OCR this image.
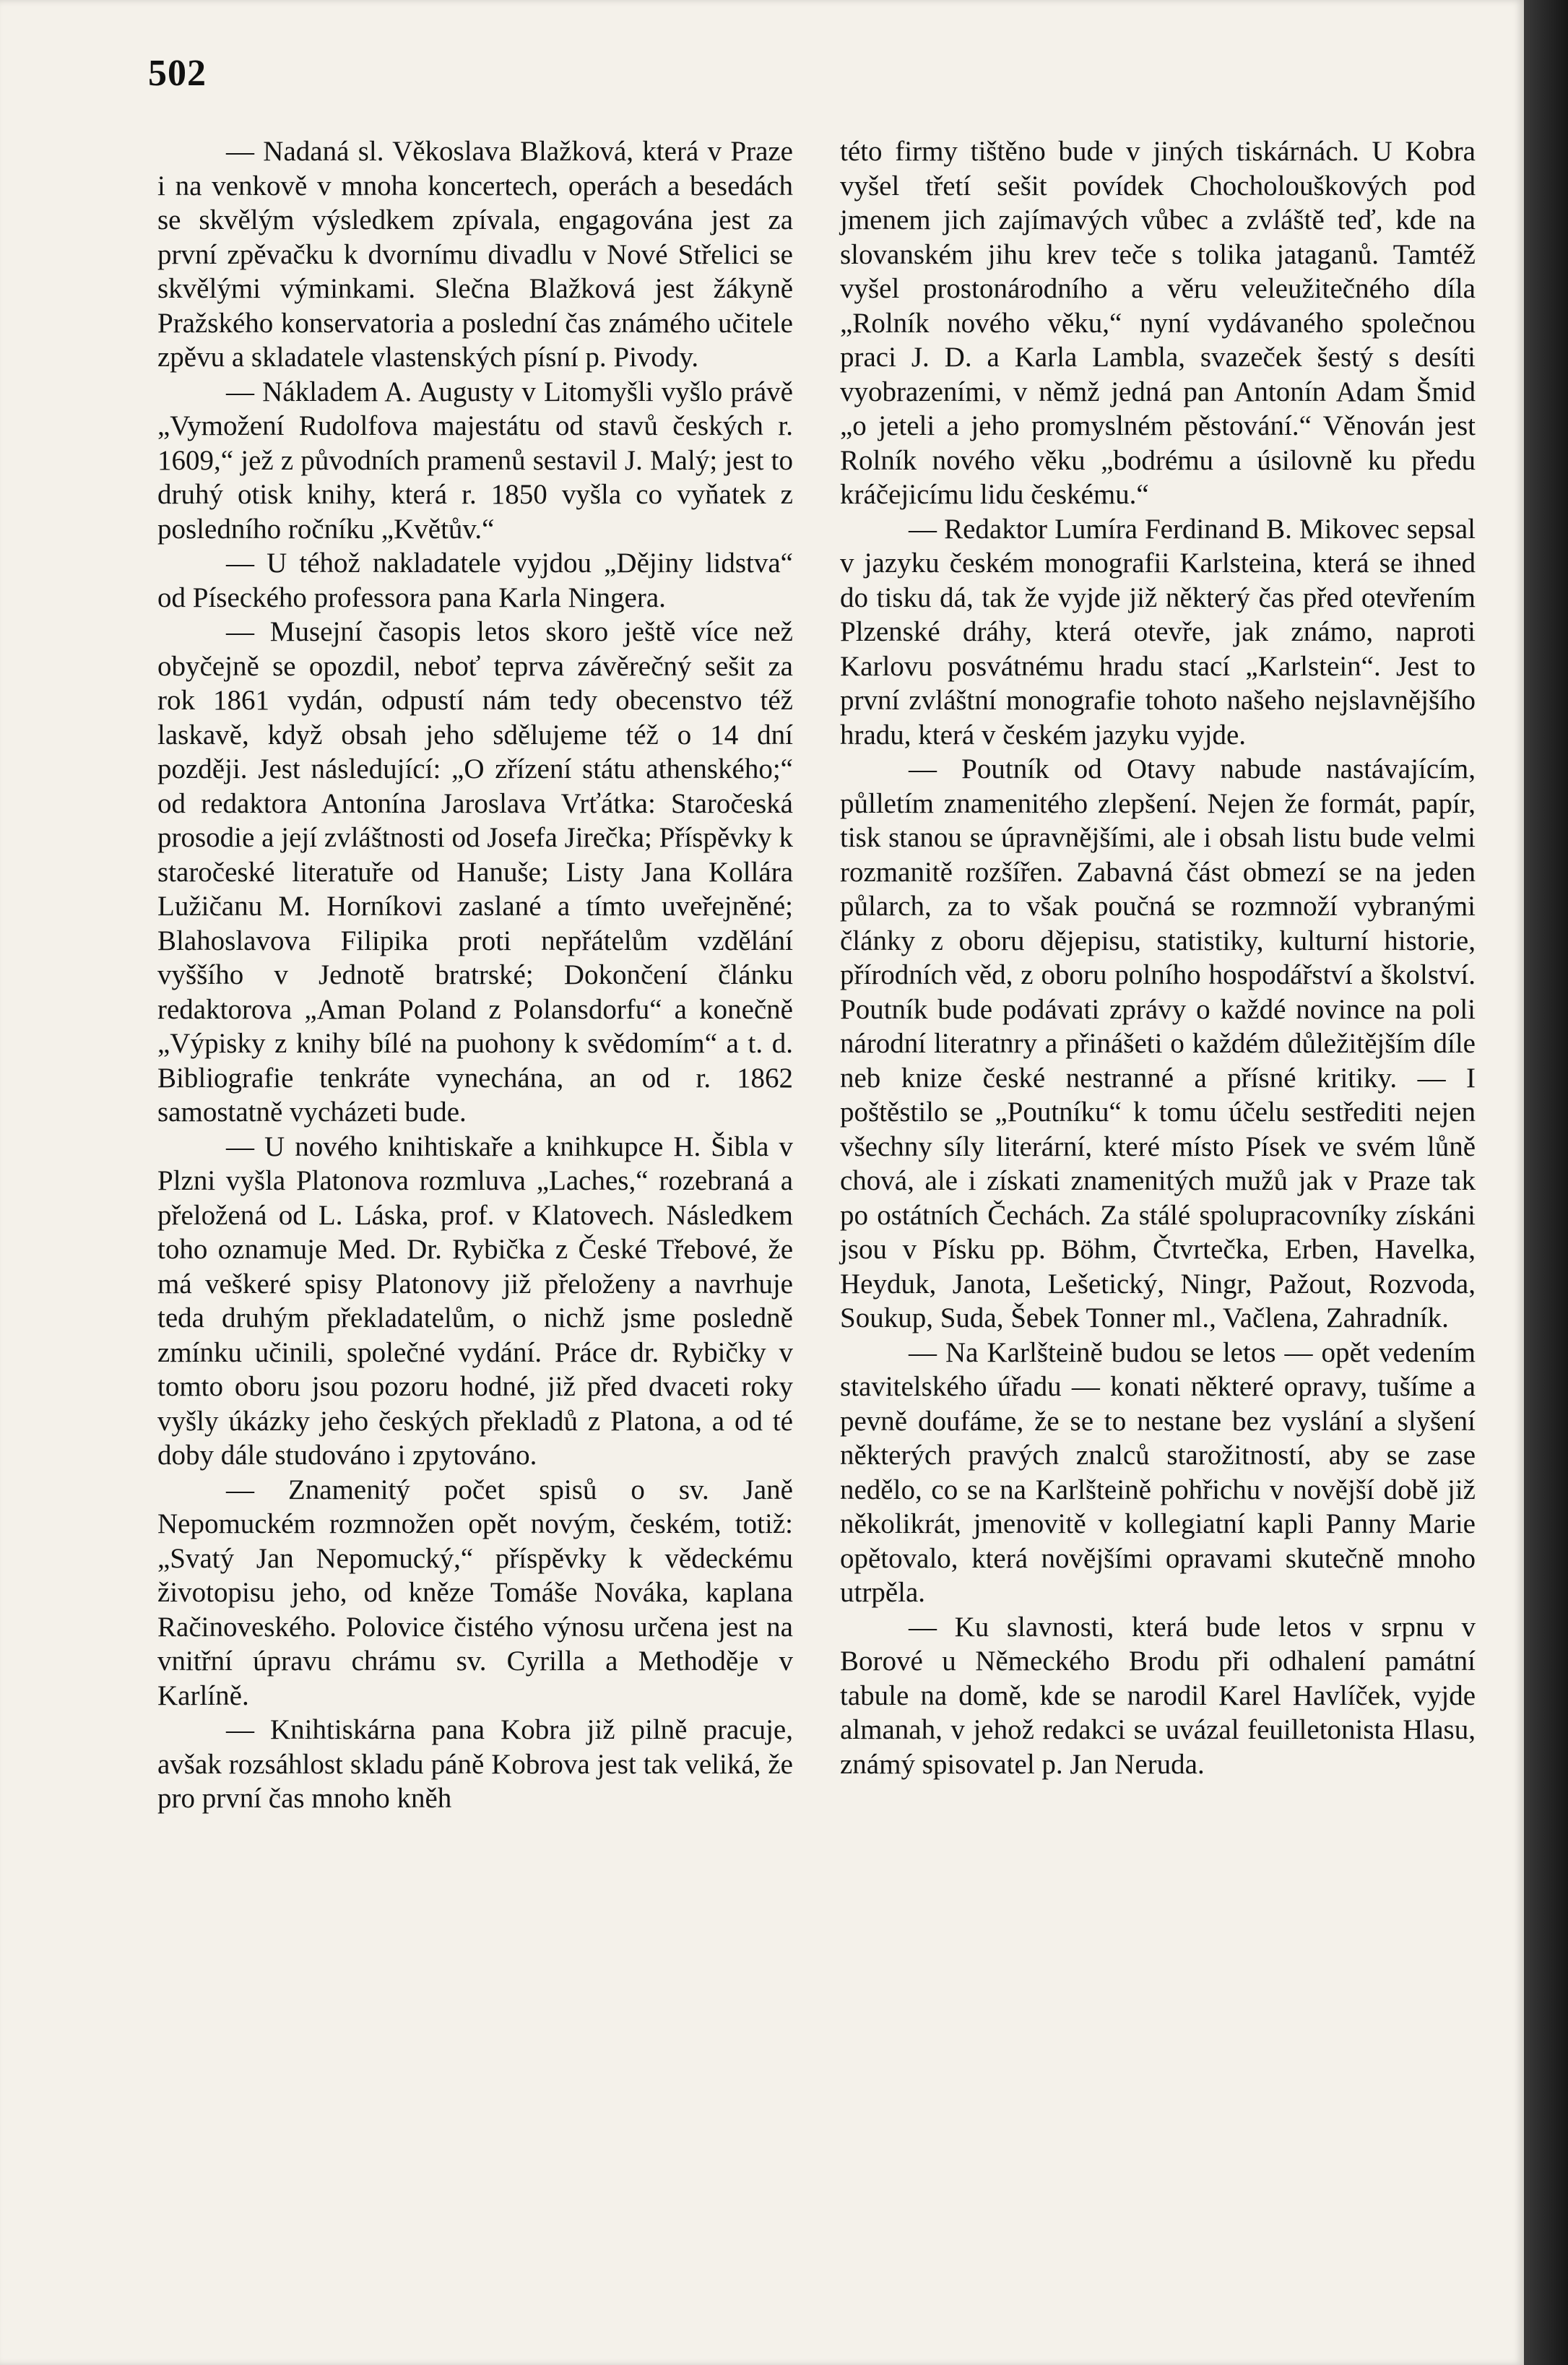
502

— Nadaná sl. Věkoslava Blažková, která v Praze i na venkově v mnoha koncertech, operách a besedách se skvělým výsledkem zpívala, engagována jest za první zpěvačku k dvornímu divadlu v Nové Střelici se skvělými výminkami. Slečna Blažková jest žákyně Pražského konservatoria a poslední čas známého učitele zpěvu a skladatele vlastenských písní p. Pivody.

— Nákladem A. Augusty v Litomyšli vyšlo právě „Vymožení Rudolfova majestátu od stavů českých r. 1609,“ jež z původních pramenů sestavil J. Malý; jest to druhý otisk knihy, která r. 1850 vyšla co vyňatek z posledního ročníku „Květův.“

— U téhož nakladatele vyjdou „Dějiny lidstva“ od Píseckého professora pana Karla Ningera.

— Musejní časopis letos skoro ještě více než obyčejně se opozdil, neboť teprva závěrečný sešit za rok 1861 vydán, odpustí nám tedy obecenstvo též laskavě, když obsah jeho sdělujeme též o 14 dní později. Jest následující: „O zřízení státu athenského;“ od redaktora Antonína Jaroslava Vrťátka: Staročeská prosodie a její zvláštnosti od Josefa Jirečka; Příspěvky k staročeské literatuře od Hanuše; Listy Jana Kollára Lužičanu M. Horníkovi zaslané a tímto uveřejněné; Blahoslavova Filipika proti nepřátelům vzdělání vyššího v Jednotě bratrské; Dokončení článku redaktorova „Aman Poland z Polansdorfu“ a konečně „Výpisky z knihy bílé na puohony k svědomím“ a t. d. Bibliografie tenkráte vynechána, an od r. 1862 samostatně vycházeti bude.

— U nového knihtiskaře a knihkupce H. Šibla v Plzni vyšla Platonova rozmluva „Laches,“ rozebraná a přeložená od L. Láska, prof. v Klatovech. Následkem toho oznamuje Med. Dr. Rybička z České Třebové, že má veškeré spisy Platonovy již přeloženy a navrhuje teda druhým překladatelům, o nichž jsme posledně zmínku učinili, společné vydání. Práce dr. Rybičky v tomto oboru jsou pozoru hodné, již před dvaceti roky vyšly úkázky jeho českých překladů z Platona, a od té doby dále studováno i zpytováno.

— Znamenitý počet spisů o sv. Janě Nepomuckém rozmnožen opět novým, českém, totiž: „Svatý Jan Nepomucký,“ příspěvky k vědeckému životopisu jeho, od kněze Tomáše Nováka, kaplana Račinoveského. Polovice čistého výnosu určena jest na vnitřní úpravu chrámu sv. Cyrilla a Methoděje v Karlíně.

— Knihtiskárna pana Kobra již pilně pracuje, avšak rozsáhlost skladu páně Kobrova jest tak veliká, že pro první čas mnoho kněh

této firmy tištěno bude v jiných tiskárnách. U Kobra vyšel třetí sešit povídek Chocholouškových pod jmenem jich zajímavých vůbec a zvláště teď, kde na slovanském jihu krev teče s tolika jataganů. Tamtéž vyšel prostonárodního a věru veleužitečného díla „Rolník nového věku,“ nyní vydávaného společnou praci J. D. a Karla Lambla, svazeček šestý s desíti vyobrazeními, v němž jedná pan Antonín Adam Šmid „o jeteli a jeho promyslném pěstování.“ Věnován jest Rolník nového věku „bodrému a úsilovně ku předu kráčejicímu lidu českému.“

— Redaktor Lumíra Ferdinand B. Mikovec sepsal v jazyku českém monografii Karlsteina, která se ihned do tisku dá, tak že vyjde již některý čas před otevřením Plzenské dráhy, která otevře, jak známo, naproti Karlovu posvátnému hradu stací „Karlstein“. Jest to první zvláštní monografie tohoto našeho nejslavnějšího hradu, která v českém jazyku vyjde.

— Poutník od Otavy nabude nastávajícím, půlletím znamenitého zlepšení. Nejen že formát, papír, tisk stanou se úpravnějšími, ale i obsah listu bude velmi rozmanitě rozšířen. Zabavná část obmezí se na jeden půlarch, za to však poučná se rozmnoží vybranými články z oboru dějepisu, statistiky, kulturní historie, přírodních věd, z oboru polního hospodářství a školství. Poutník bude podávati zprávy o každé novince na poli národní literatnry a přinášeti o každém důležitějším díle neb knize české nestranné a přísné kritiky. — I poštěstilo se „Poutníku“ k tomu účelu sestřediti nejen všechny síly literární, které místo Písek ve svém lůně chová, ale i získati znamenitých mužů jak v Praze tak po ostátních Čechách. Za stálé spolupracovníky získáni jsou v Písku pp. Böhm, Čtvrtečka, Erben, Havelka, Heyduk, Janota, Lešetický, Ningr, Pažout, Rozvoda, Soukup, Suda, Šebek Tonner ml., Vačlena, Zahradník.

— Na Karlšteině budou se letos — opět vedením stavitelského úřadu — konati některé opravy, tušíme a pevně doufáme, že se to nestane bez vyslání a slyšení některých pravých znalců starožitností, aby se zase nedělo, co se na Karlšteině pohřichu v novější době již několikrát, jmenovitě v kollegiatní kapli Panny Marie opětovalo, která novějšími opravami skutečně mnoho utrpěla.

— Ku slavnosti, která bude letos v srpnu v Borové u Německého Brodu při odhalení památní tabule na domě, kde se narodil Karel Havlíček, vyjde almanah, v jehož redakci se uvázal feuilletonista Hlasu, známý spisovatel p. Jan Neruda.
